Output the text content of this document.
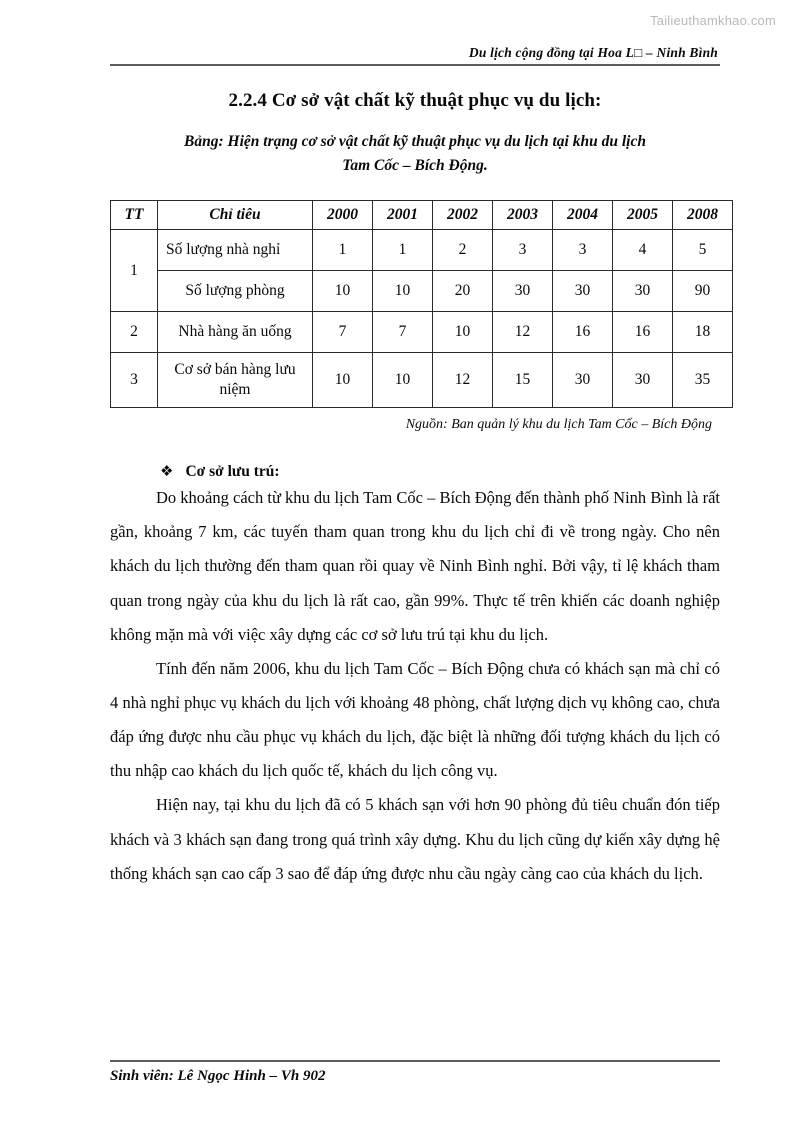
Tailieuthamkhao.com
Du lịch cộng đồng tại Hoa L□ – Ninh Bình
2.2.4 Cơ sở vật chất kỹ thuật phục vụ du lịch:
Bảng: Hiện trạng cơ sở vật chất kỹ thuật phục vụ du lịch tại khu du lịch
Tam Cốc – Bích Động.
TT	Chỉ tiêu	2000	2001	2002	2003	2004	2005	2008
1	Số lượng nhà nghỉ	1	1	2	3	3	4	5
	Số lượng phòng	10	10	20	30	30	30	90
2	Nhà hàng ăn uống	7	7	10	12	16	16	18
3	Cơ sở bán hàng lưu niệm	10	10	12	15	30	30	35
Nguồn: Ban quản lý khu du lịch Tam Cốc – Bích Động
❖ Cơ sở lưu trú:

Do khoảng cách từ khu du lịch Tam Cốc – Bích Động đến thành phố Ninh Bình là rất gần, khoảng 7 km, các tuyến tham quan trong khu du lịch chỉ đi về trong ngày. Cho nên khách du lịch thường đến tham quan rồi quay về Ninh Bình nghỉ. Bởi vậy, tỉ lệ khách tham quan trong ngày của khu du lịch là rất cao, gần 99%. Thực tế trên khiến các doanh nghiệp không mặn mà với việc xây dựng các cơ sở lưu trú tại khu du lịch.

Tính đến năm 2006, khu du lịch Tam Cốc – Bích Động chưa có khách sạn mà chỉ có 4 nhà nghỉ phục vụ khách du lịch với khoảng 48 phòng, chất lượng dịch vụ không cao, chưa đáp ứng được nhu cầu phục vụ khách du lịch, đặc biệt là những đối tượng khách du lịch có thu nhập cao khách du lịch quốc tế, khách du lịch công vụ.

Hiện nay, tại khu du lịch đã có 5 khách sạn với hơn 90 phòng đủ tiêu chuẩn đón tiếp khách và 3 khách sạn đang trong quá trình xây dựng. Khu du lịch cũng dự kiến xây dựng hệ thống khách sạn cao cấp 3 sao để đáp ứng được nhu cầu ngày càng cao của khách du lịch.

Sinh viên: Lê Ngọc Hinh – Vh 902
